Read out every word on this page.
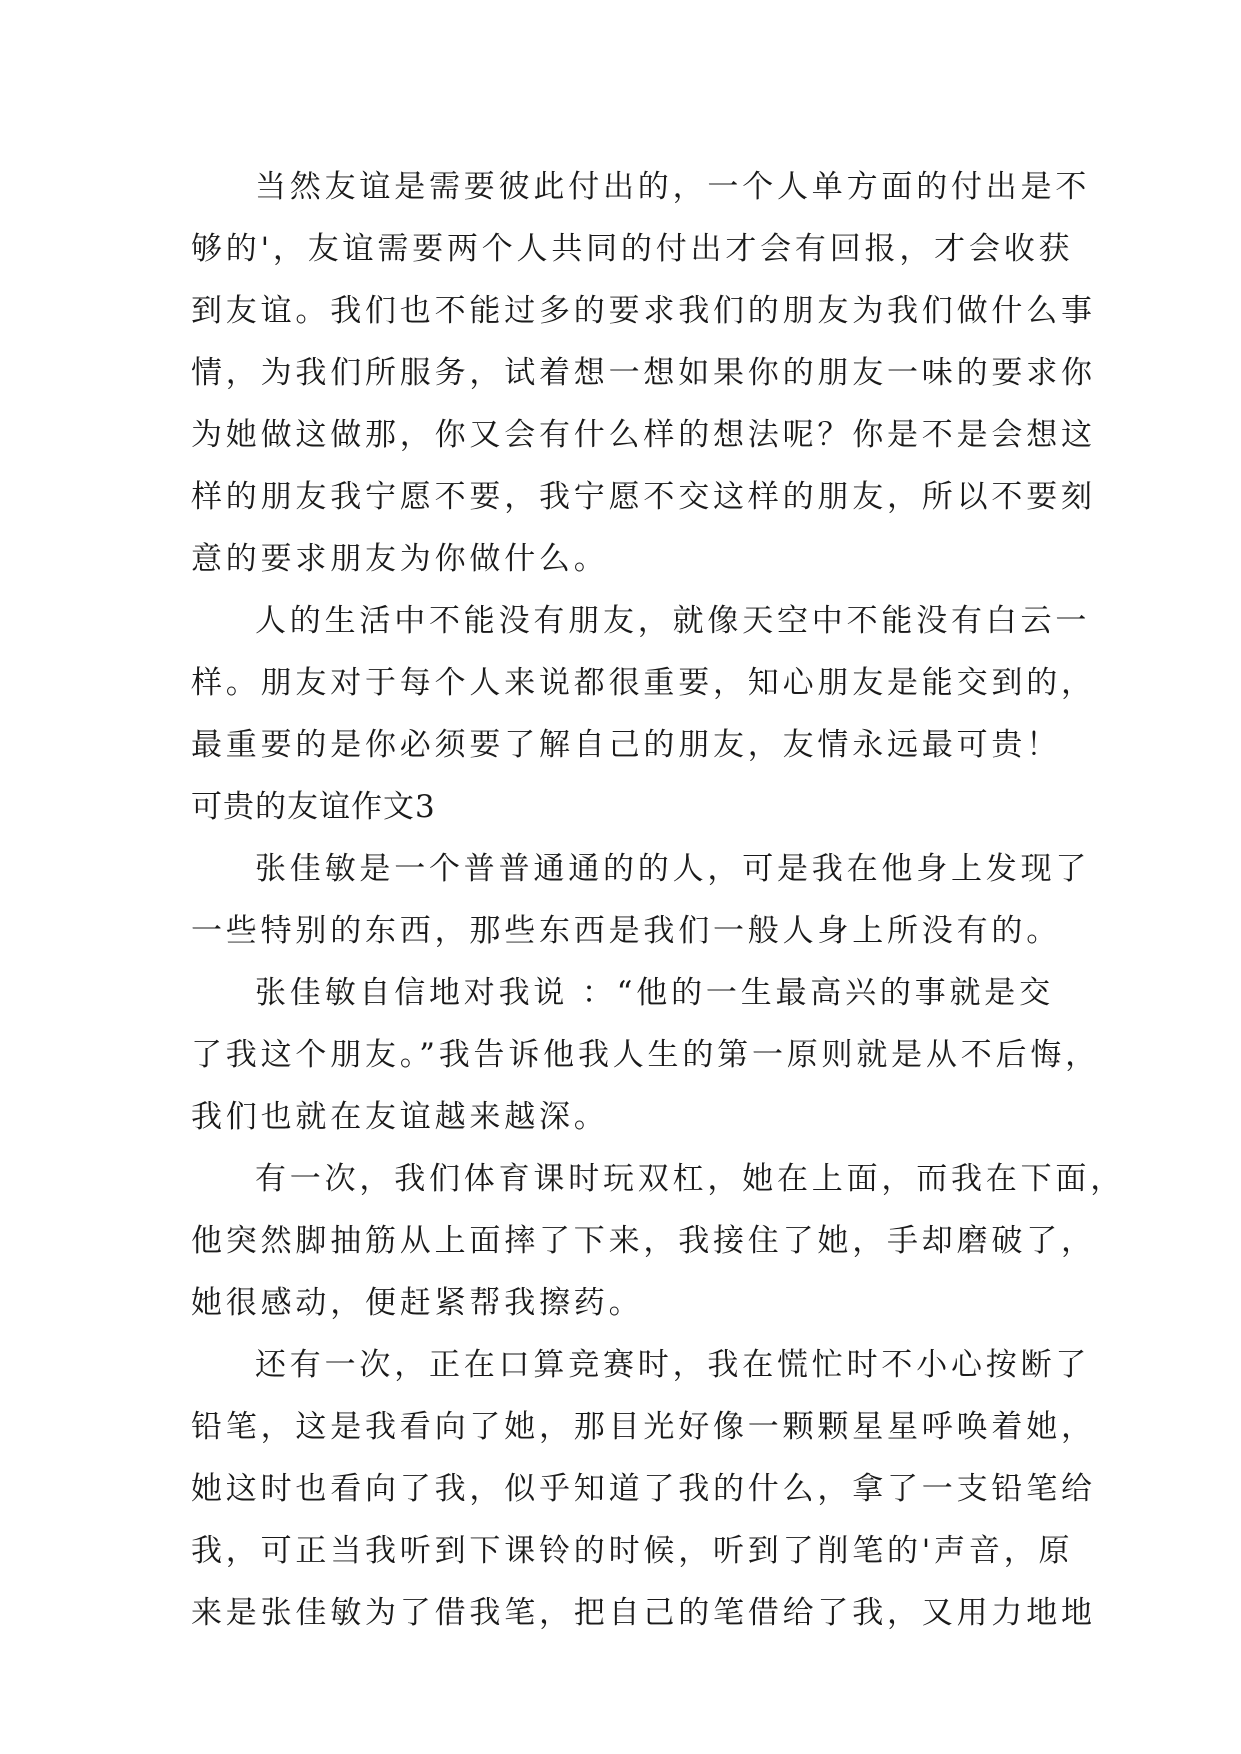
当然友谊是需要彼此付出的，一个人单方面的付出是不
够的'，友谊需要两个人共同的付出才会有回报，才会收获
到友谊。我们也不能过多的要求我们的朋友为我们做什么事
情，为我们所服务，试着想一想如果你的朋友一味的要求你
为她做这做那，你又会有什么样的想法呢？你是不是会想这
样的朋友我宁愿不要，我宁愿不交这样的朋友，所以不要刻
意的要求朋友为你做什么。
人的生活中不能没有朋友，就像天空中不能没有白云一
样。朋友对于每个人来说都很重要，知心朋友是能交到的，
最重要的是你必须要了解自己的朋友，友情永远最可贵！
可贵的友谊作文3
张佳敏是一个普普通通的的人，可是我在他身上发现了
一些特别的东西，那些东西是我们一般人身上所没有的。
张佳敏自信地对我说 ：“他的一生最高兴的事就是交
了我这个朋友。”我告诉他我人生的第一原则就是从不后悔，
我们也就在友谊越来越深。
有一次，我们体育课时玩双杠，她在上面，而我在下面，
他突然脚抽筋从上面摔了下来，我接住了她，手却磨破了，
她很感动，便赶紧帮我擦药。
还有一次，正在口算竞赛时，我在慌忙时不小心按断了
铅笔，这是我看向了她，那目光好像一颗颗星星呼唤着她，
她这时也看向了我，似乎知道了我的什么，拿了一支铅笔给
我，可正当我听到下课铃的时候，听到了削笔的'声音，原
来是张佳敏为了借我笔，把自己的笔借给了我，又用力地地
